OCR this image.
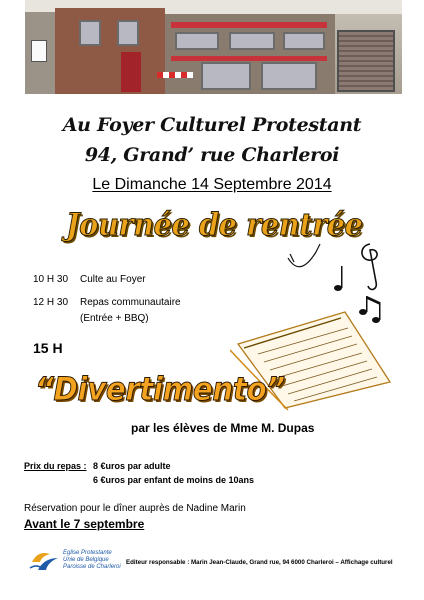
Au Foyer Culturel Protestant
94, Grand’ rue Charleroi
Le Dimanche 14 Septembre 2014
Journée de rentrée
10 H 30 Culte au Foyer
12 H 30 Repas communautaire
(Entrée + BBQ)
15 H
“Divertimento”
par les élèves de Mme M. Dupas
Prix du repas : 8 €uros par adulte
6 €uros par enfant de moins de 10ans
Réservation pour le dîner auprès de Nadine Marin
Avant le 7 septembre
Eglise Protestante
Unie de Belgique
Paroisse de Charleroi
Editeur responsable : Marin Jean-Claude, Grand rue, 94 6000 Charleroi – Affichage culturel
